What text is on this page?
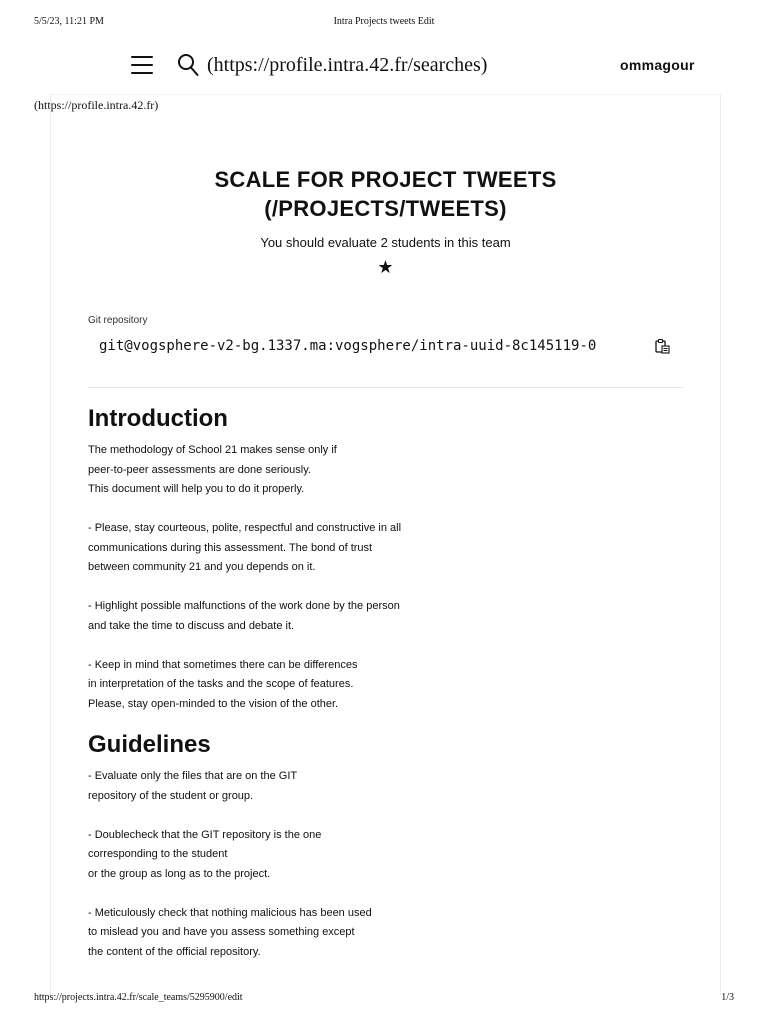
5/5/23, 11:21 PM	Intra Projects tweets Edit
(https://profile.intra.42.fr/searches)	ommagour
(https://profile.intra.42.fr)
SCALE FOR PROJECT TWEETS
(/PROJECTS/TWEETS)
You should evaluate 2 students in this team
★
Git repository
git@vogsphere-v2-bg.1337.ma:vogsphere/intra-uuid-8c145119-0
Introduction

The methodology of School 21 makes sense only if

peer-to-peer assessments are done seriously.

This document will help you to do it properly.

- Please, stay courteous, polite, respectful and constructive in all

communications during this assessment. The bond of trust

between community 21 and you depends on it.

- Highlight possible malfunctions of the work done by the person

and take the time to discuss and debate it.

- Keep in mind that sometimes there can be differences

in interpretation of the tasks and the scope of features.

Please, stay open-minded to the vision of the other.

Guidelines

- Evaluate only the files that are on the GIT

repository of the student or group.

- Doublecheck that the GIT repository is the one

corresponding to the student

or the group as long as to the project.

- Meticulously check that nothing malicious has been used

to mislead you and have you assess something except

the content of the official repository.

https://projects.intra.42.fr/scale_teams/5295900/edit	1/3
